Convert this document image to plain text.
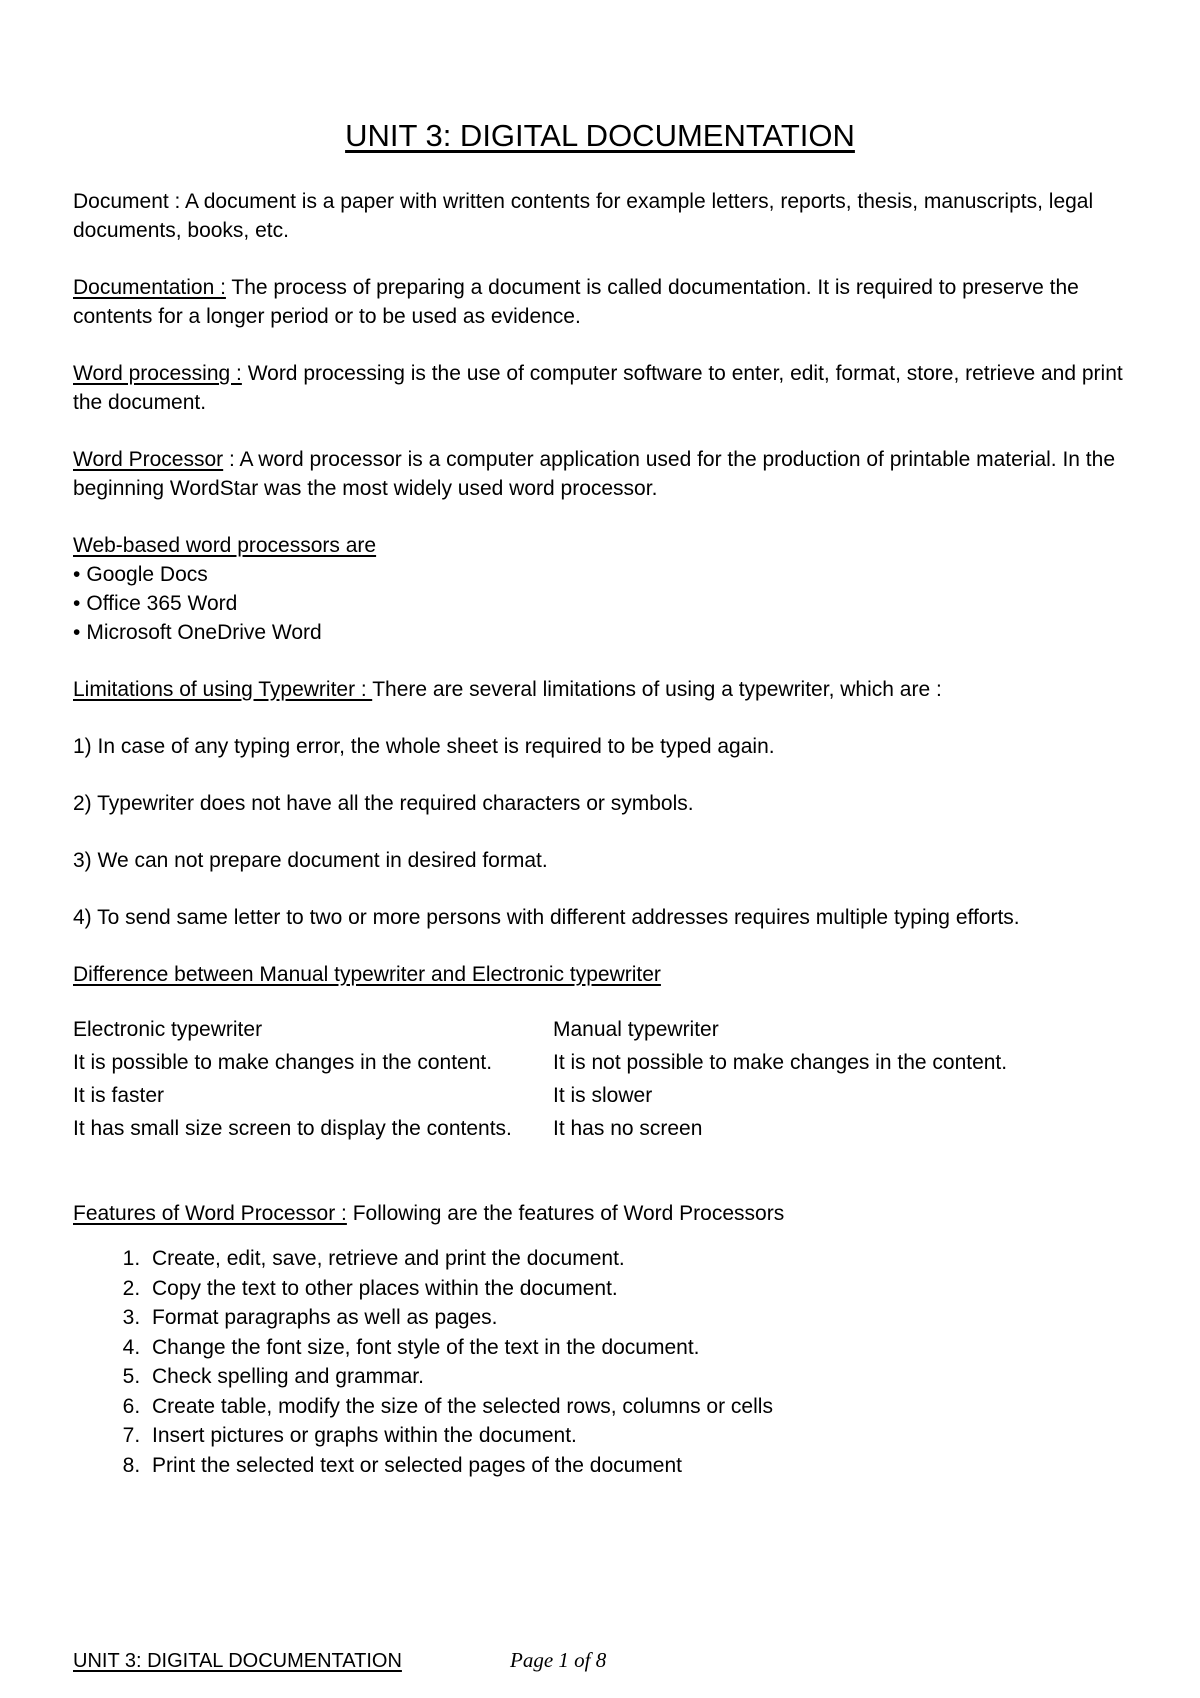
UNIT 3: DIGITAL DOCUMENTATION

Document : A document is a paper with written contents for example letters, reports, thesis, manuscripts, legal documents, books, etc.

Documentation : The process of preparing a document is called documentation. It is required to preserve the contents for a longer period or to be used as evidence.

Word processing : Word processing is the use of computer software to enter, edit, format, store, retrieve and print the document.

Word Processor : A word processor is a computer application used for the production of printable material. In the beginning WordStar was the most widely used word processor.

Web-based word processors are

• Google Docs
• Office 365 Word
• Microsoft OneDrive Word

Limitations of using Typewriter : There are several limitations of using a typewriter, which are :

1) In case of any typing error, the whole sheet is required to be typed again.

2) Typewriter does not have all the required characters or symbols.

3) We can not prepare document in desired format.

4) To send same letter to two or more persons with different addresses requires multiple typing efforts.

Difference between Manual typewriter and Electronic typewriter

Electronic typewriter	Manual typewriter
It is possible to make changes in the content.	It is not possible to make changes in the content.
It is faster	It is slower
It has small size screen to display the contents.	It has no screen

Features of Word Processor : Following are the features of Word Processors

1. Create, edit, save, retrieve and print the document.
2. Copy the text to other places within the document.
3. Format paragraphs as well as pages.
4. Change the font size, font style of the text in the document.
5. Check spelling and grammar.
6. Create table, modify the size of the selected rows, columns or cells
7. Insert pictures or graphs within the document.
8. Print the selected text or selected pages of the document
UNIT 3: DIGITAL DOCUMENTATION	Page 1 of 8
